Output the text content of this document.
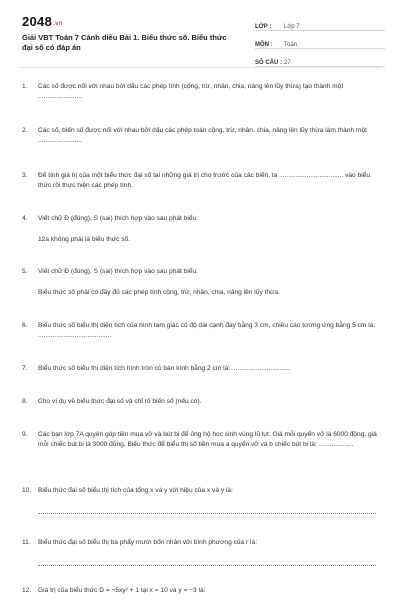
2048.vn
Giải VBT Toán 7 Cánh diều Bài 1. Biểu thức số. Biểu thức đại số có đáp án
LỚP :	Lớp 7
MÔN :	Toán
SỐ CÂU : 27
1.	Các số được nối với nhau bởi dấu các phép tính (cộng, trừ, nhân, chia, nâng lên lũy thừa) tạo thành một ........................
2.	Các số, biến số được nối với nhau bởi dấu các phép toán cộng, trừ, nhân, chia, nâng lên lũy thừa làm thành một ........................
3.	Để tính giá trị của một biểu thức đại số tại những giá trị cho trước của các biến, ta ................................... vào biểu thức rồi thực hiện các phép tính.
4.	Viết chữ Đ (đúng), S (sai) thích hợp vào sau phát biểu:
12a không phải là biểu thức số.
5.	Viết chữ Đ (đúng), S (sai) thích hợp vào sau phát biểu:
Biểu thức số phải có đầy đủ các phép tính cộng, trừ, nhân, chia, nâng lên lũy thừa.
6.	Biểu thức số biểu thị diện tích của hình tam giác có độ dài cạnh đáy bằng 3 cm, chiều cao tương ứng bằng 5 cm là: ........................................
7.	Biểu thức số biểu thị diện tích hình tròn có bán kính bằng 2 cm là: ................................
8.	Cho ví dụ về biểu thức đại số và chỉ rõ biến số (nếu có).
9.	Các bạn lớp 7A quyên góp tiền mua vở và bút bi để ủng hộ học sinh vùng lũ lụt. Giá mỗi quyển vở là 6000 đồng, giá mỗi chiếc bút bi là 3000 đồng. Biểu thức để biểu thị số tiền mua a quyển vở và b chiếc bút bi là: ...................
10.	Biểu thức đại số biểu thị tích của tổng x và y với hiệu của x và y là:
11.	Biểu thức đại số biểu thị ba phẩy mười bốn nhân với bình phương của r là:
12.	Giá trị của biểu thức D = −5xy² + 1 tại x = 10 và y = −3 là:
